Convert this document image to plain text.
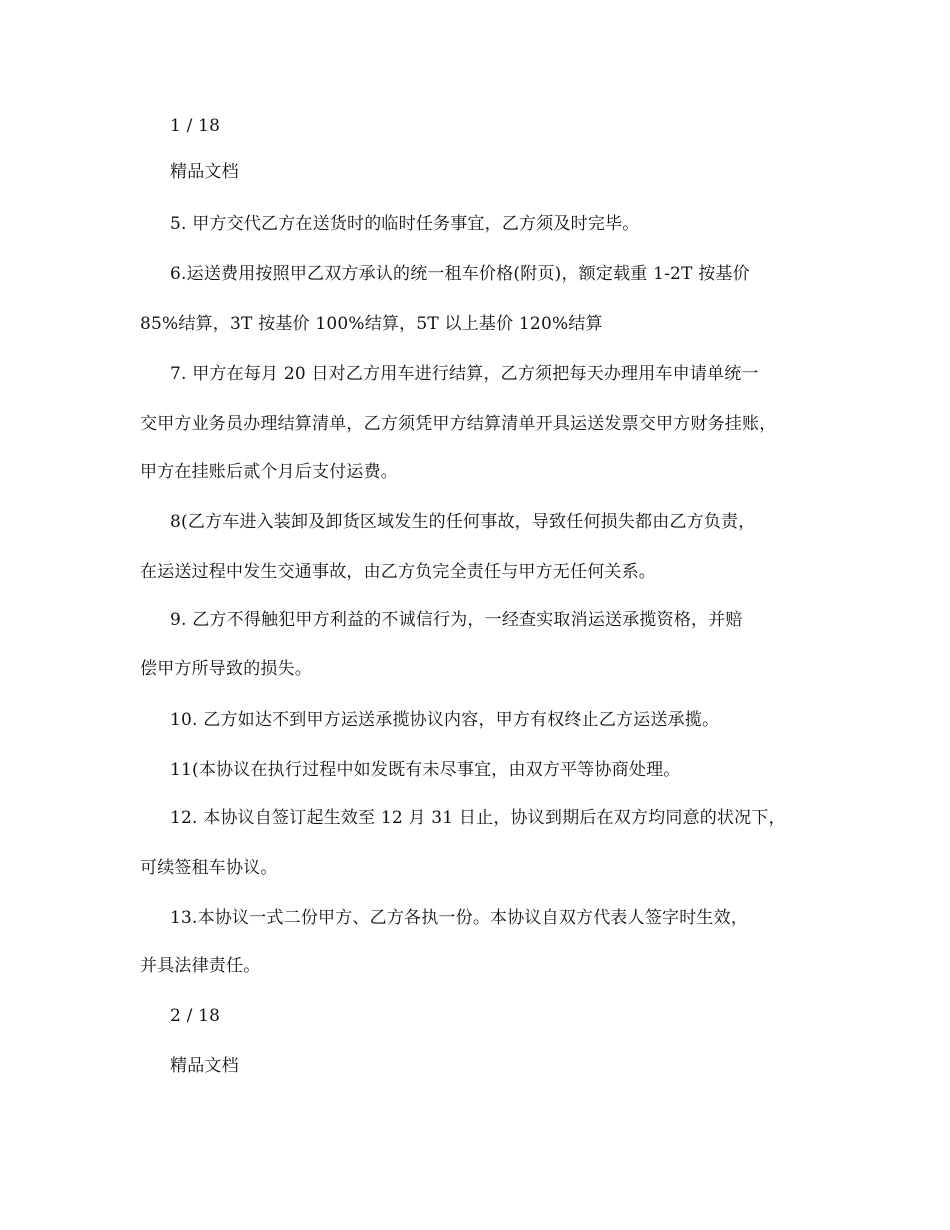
1 / 18
精品文档
5. 甲方交代乙方在送货时的临时任务事宜，乙方须及时完毕。
6.运送费用按照甲乙双方承认的统一租车价格(附页)，额定载重 1-2T 按基价
85%结算，3T 按基价 100%结算，5T 以上基价 120%结算
7. 甲方在每月 20 日对乙方用车进行结算，乙方须把每天办理用车申请单统一
交甲方业务员办理结算清单，乙方须凭甲方结算清单开具运送发票交甲方财务挂账，
甲方在挂账后贰个月后支付运费。
8(乙方车进入装卸及卸货区域发生的任何事故，导致任何损失都由乙方负责，
在运送过程中发生交通事故，由乙方负完全责任与甲方无任何关系。
9. 乙方不得触犯甲方利益的不诚信行为，一经查实取消运送承揽资格，并赔
偿甲方所导致的损失。
10. 乙方如达不到甲方运送承揽协议内容，甲方有权终止乙方运送承揽。
11(本协议在执行过程中如发既有未尽事宜，由双方平等协商处理。
12. 本协议自签订起生效至 12 月 31 日止，协议到期后在双方均同意的状况下，
可续签租车协议。
13.本协议一式二份甲方、乙方各执一份。本协议自双方代表人签字时生效，
并具法律责任。
2 / 18
精品文档
